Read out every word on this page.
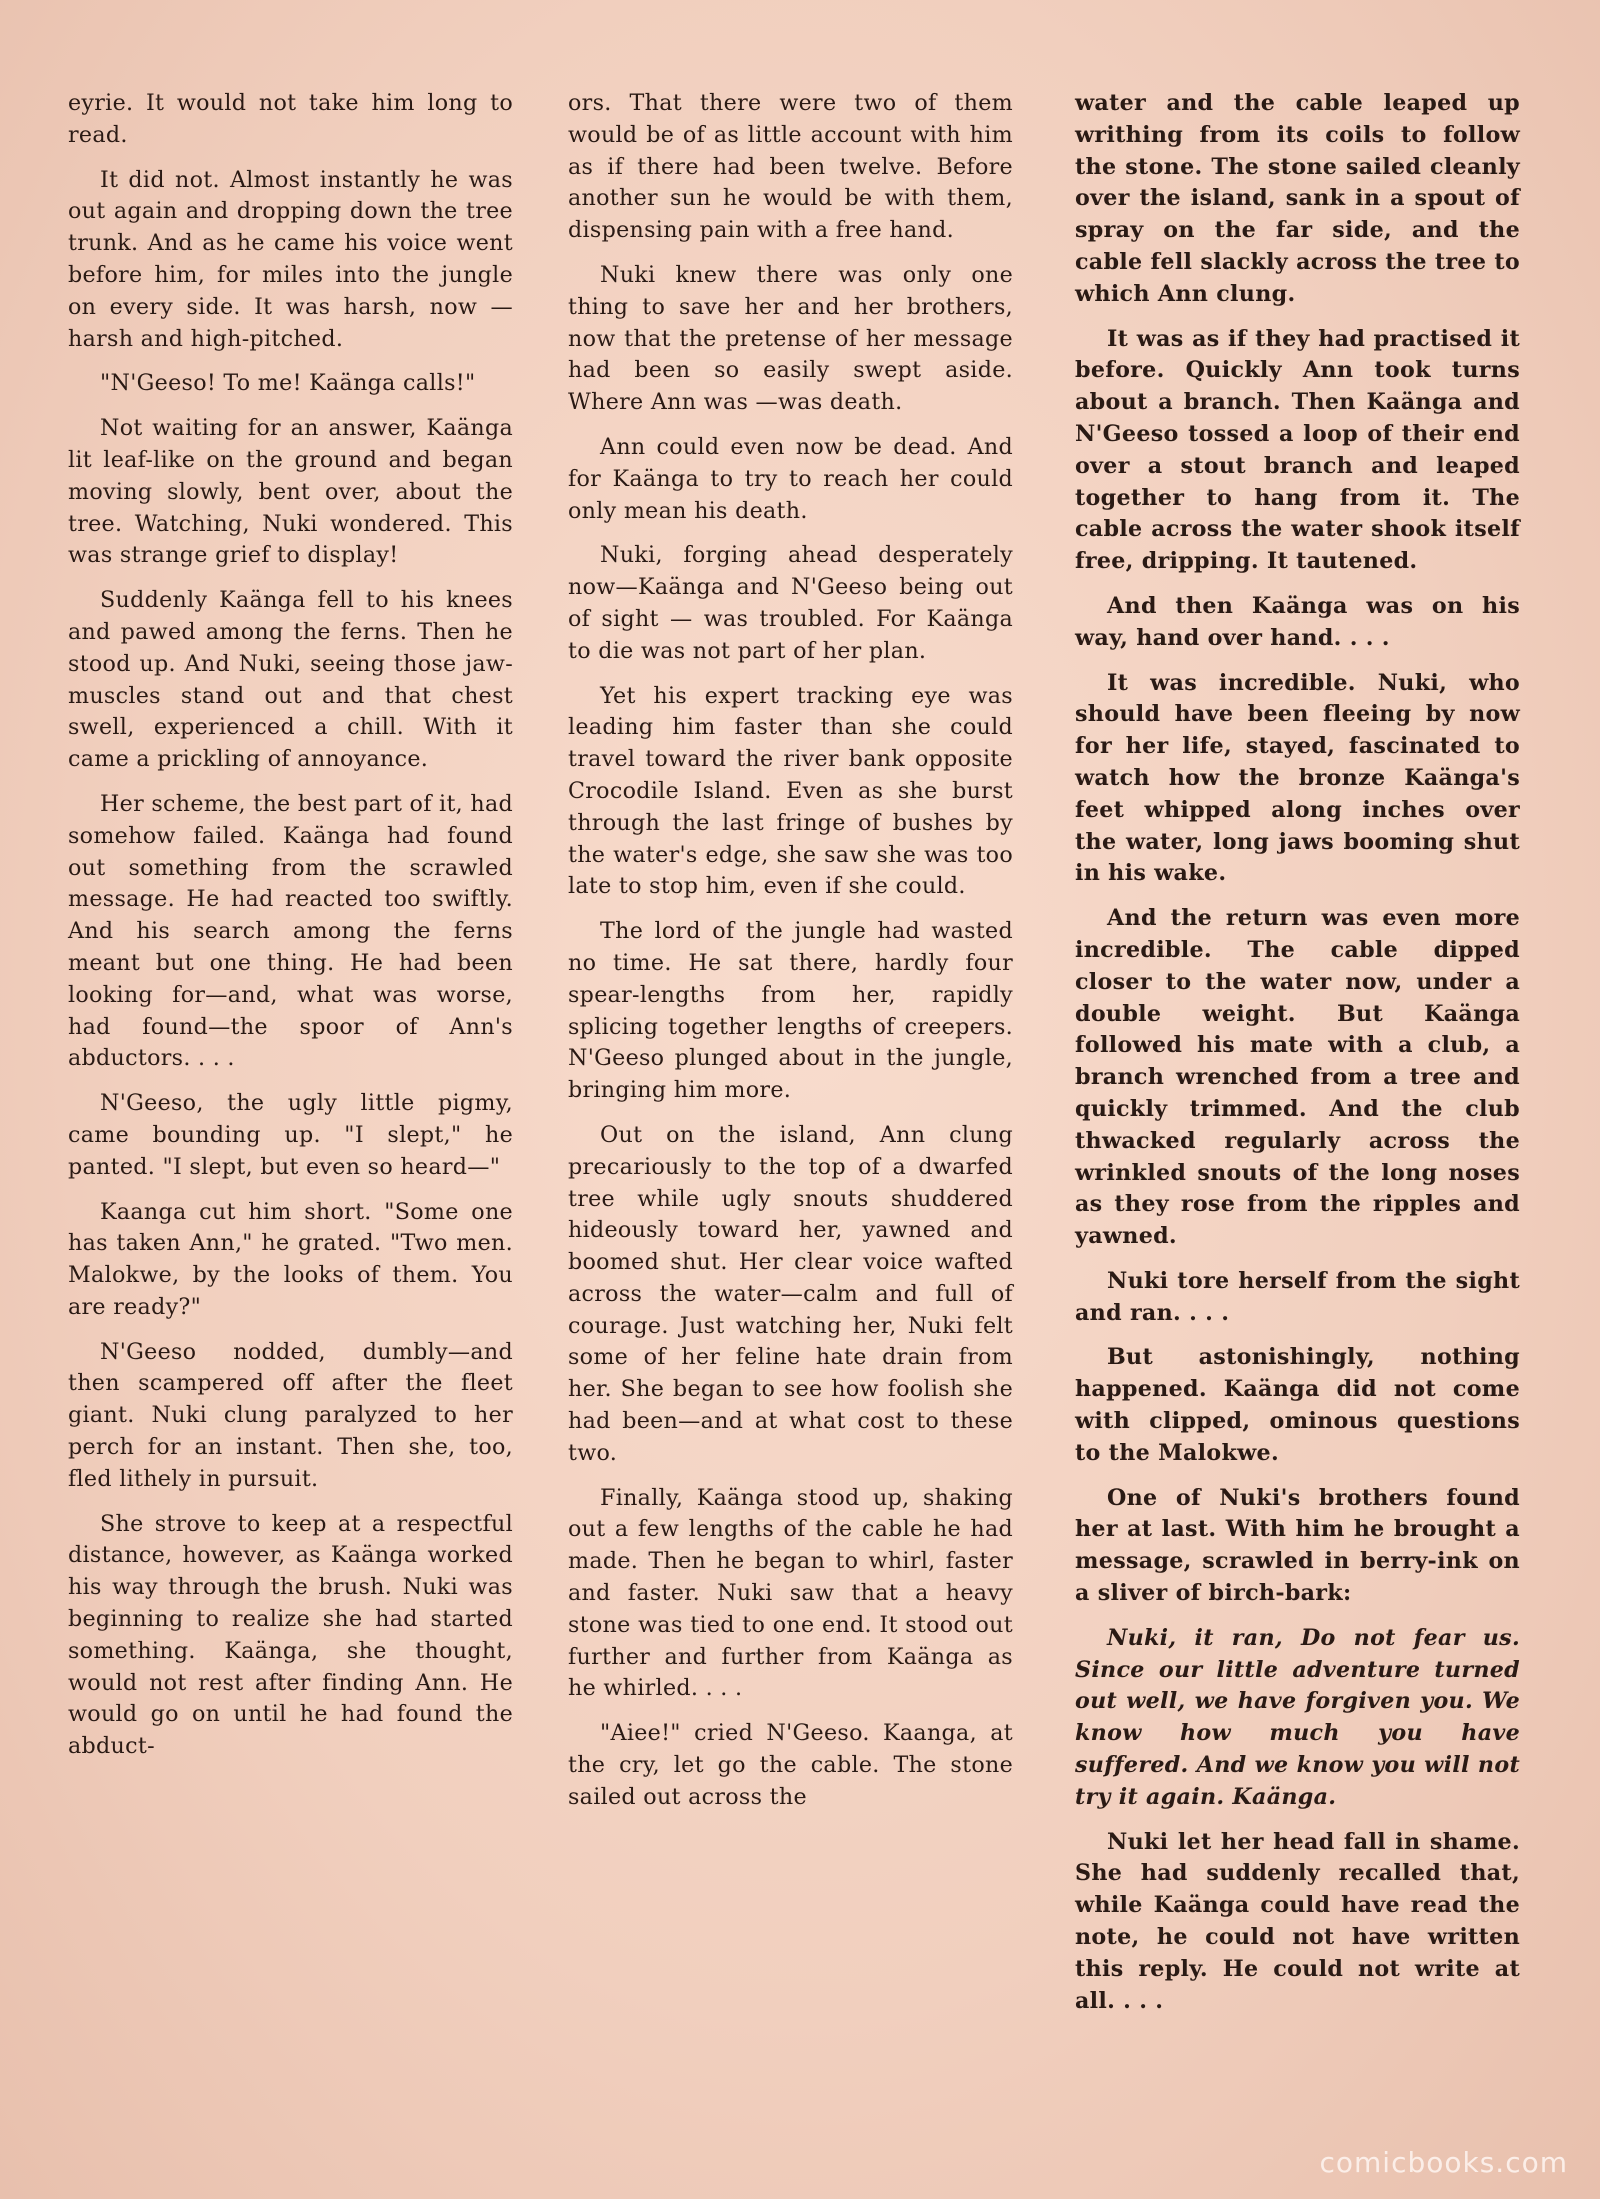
eyrie. It would not take him long to read.

It did not. Almost instantly he was out again and dropping down the tree trunk. And as he came his voice went before him, for miles into the jungle on every side. It was harsh, now —harsh and high-pitched.

"N'Geeso! To me! Kaänga calls!"

Not waiting for an answer, Kaänga lit leaf-like on the ground and began moving slowly, bent over, about the tree. Watching, Nuki wondered. This was strange grief to display!

Suddenly Kaänga fell to his knees and pawed among the ferns. Then he stood up. And Nuki, seeing those jaw-muscles stand out and that chest swell, experienced a chill. With it came a prickling of annoyance.

Her scheme, the best part of it, had somehow failed. Kaänga had found out something from the scrawled message. He had reacted too swiftly. And his search among the ferns meant but one thing. He had been looking for—and, what was worse, had found—the spoor of Ann's abductors. . . .

N'Geeso, the ugly little pigmy, came bounding up. "I slept," he panted. "I slept, but even so heard—"

Kaanga cut him short. "Some one has taken Ann," he grated. "Two men. Malokwe, by the looks of them. You are ready?"

N'Geeso nodded, dumbly—and then scampered off after the fleet giant. Nuki clung paralyzed to her perch for an instant. Then she, too, fled lithely in pursuit.

She strove to keep at a respectful distance, however, as Kaänga worked his way through the brush. Nuki was beginning to realize she had started something. Kaänga, she thought, would not rest after finding Ann. He would go on until he had found the abduct-

ors. That there were two of them would be of as little account with him as if there had been twelve. Before another sun he would be with them, dispensing pain with a free hand.

Nuki knew there was only one thing to save her and her brothers, now that the pretense of her message had been so easily swept aside. Where Ann was —was death.

Ann could even now be dead. And for Kaänga to try to reach her could only mean his death.

Nuki, forging ahead desperately now—Kaänga and N'Geeso being out of sight — was troubled. For Kaänga to die was not part of her plan.

Yet his expert tracking eye was leading him faster than she could travel toward the river bank opposite Crocodile Island. Even as she burst through the last fringe of bushes by the water's edge, she saw she was too late to stop him, even if she could.

The lord of the jungle had wasted no time. He sat there, hardly four spear-lengths from her, rapidly splicing together lengths of creepers. N'Geeso plunged about in the jungle, bringing him more.

Out on the island, Ann clung precariously to the top of a dwarfed tree while ugly snouts shuddered hideously toward her, yawned and boomed shut. Her clear voice wafted across the water—calm and full of courage. Just watching her, Nuki felt some of her feline hate drain from her. She began to see how foolish she had been—and at what cost to these two.

Finally, Kaänga stood up, shaking out a few lengths of the cable he had made. Then he began to whirl, faster and faster. Nuki saw that a heavy stone was tied to one end. It stood out further and further from Kaänga as he whirled. . . .

"Aiee!" cried N'Geeso. Kaanga, at the cry, let go the cable. The stone sailed out across the

water and the cable leaped up writhing from its coils to follow the stone. The stone sailed cleanly over the island, sank in a spout of spray on the far side, and the cable fell slackly across the tree to which Ann clung.

It was as if they had practised it before. Quickly Ann took turns about a branch. Then Kaänga and N'Geeso tossed a loop of their end over a stout branch and leaped together to hang from it. The cable across the water shook itself free, dripping. It tautened.

And then Kaänga was on his way, hand over hand. . . .

It was incredible. Nuki, who should have been fleeing by now for her life, stayed, fascinated to watch how the bronze Kaänga's feet whipped along inches over the water, long jaws booming shut in his wake.

And the return was even more incredible. The cable dipped closer to the water now, under a double weight. But Kaänga followed his mate with a club, a branch wrenched from a tree and quickly trimmed. And the club thwacked regularly across the wrinkled snouts of the long noses as they rose from the ripples and yawned.

Nuki tore herself from the sight and ran. . . .

But astonishingly, nothing happened. Kaänga did not come with clipped, ominous questions to the Malokwe.

One of Nuki's brothers found her at last. With him he brought a message, scrawled in berry-ink on a sliver of birch-bark:

Nuki, it ran, Do not fear us. Since our little adventure turned out well, we have forgiven you. We know how much you have suffered. And we know you will not try it again. Kaänga.

Nuki let her head fall in shame. She had suddenly recalled that, while Kaänga could have read the note, he could not have written this reply. He could not write at all. . . .

comicbooks.com
